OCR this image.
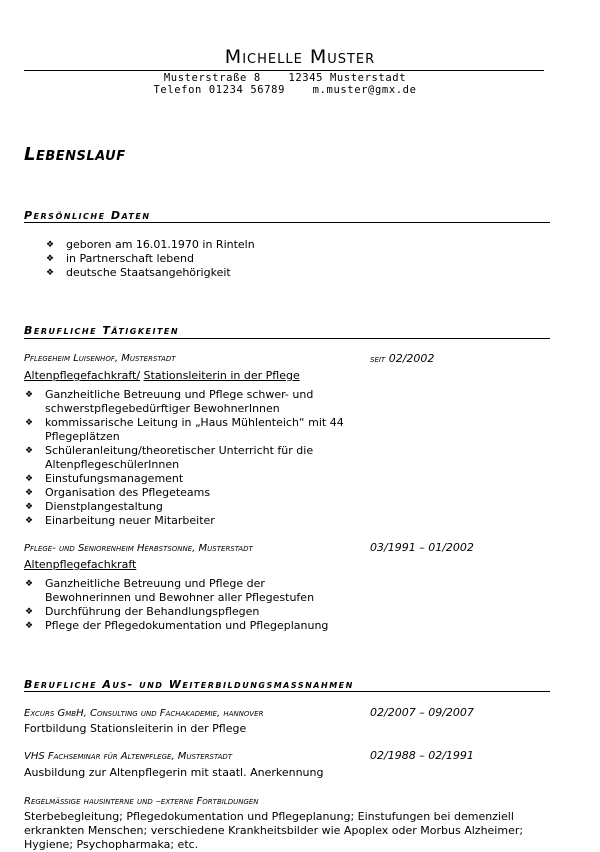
Michelle Muster
Musterstraße 8    12345 Musterstadt
Telefon 01234 56789    m.muster@gmx.de
Lebenslauf
Persönliche Daten
❖ geboren am 16.01.1970 in Rinteln
❖ in Partnerschaft lebend
❖ deutsche Staatsangehörigkeit
Berufliche Tätigkeiten
Pflegeheim Luisenhof, Musterstadt	seit 02/2002
Altenpflegefachkraft/ Stationsleiterin in der Pflege
❖ Ganzheitliche Betreuung und Pflege schwer- und schwerstpflegebedürftiger BewohnerInnen
❖ kommissarische Leitung in „Haus Mühlenteich“ mit 44 Pflegeplätzen
❖ Schüleranleitung/theoretischer Unterricht für die AltenpflegeschülerInnen
❖ Einstufungsmanagement
❖ Organisation des Pflegeteams
❖ Dienstplangestaltung
❖ Einarbeitung neuer Mitarbeiter
Pflege- und Seniorenheim Herbstsonne, Musterstadt	03/1991 – 01/2002
Altenpflegefachkraft
❖ Ganzheitliche Betreuung und Pflege der Bewohnerinnen und Bewohner aller Pflegestufen
❖ Durchführung der Behandlungspflegen
❖ Pflege der Pflegedokumentation und Pflegeplanung
Berufliche Aus- und Weiterbildungsmassnahmen
Excurs GmbH, Consulting und Fachakademie, hannover	02/2007 – 09/2007
Fortbildung Stationsleiterin in der Pflege
VHS Fachseminar für Altenpflege, Musterstadt	02/1988 – 02/1991
Ausbildung zur Altenpflegerin mit staatl. Anerkennung
Regelmässige hausinterne und –externe Fortbildungen
Sterbebegleitung; Pflegedokumentation und Pflegeplanung; Einstufungen bei demenziell erkrankten Menschen; verschiedene Krankheitsbilder wie Apoplex oder Morbus Alzheimer; Hygiene; Psychopharmaka; etc.
